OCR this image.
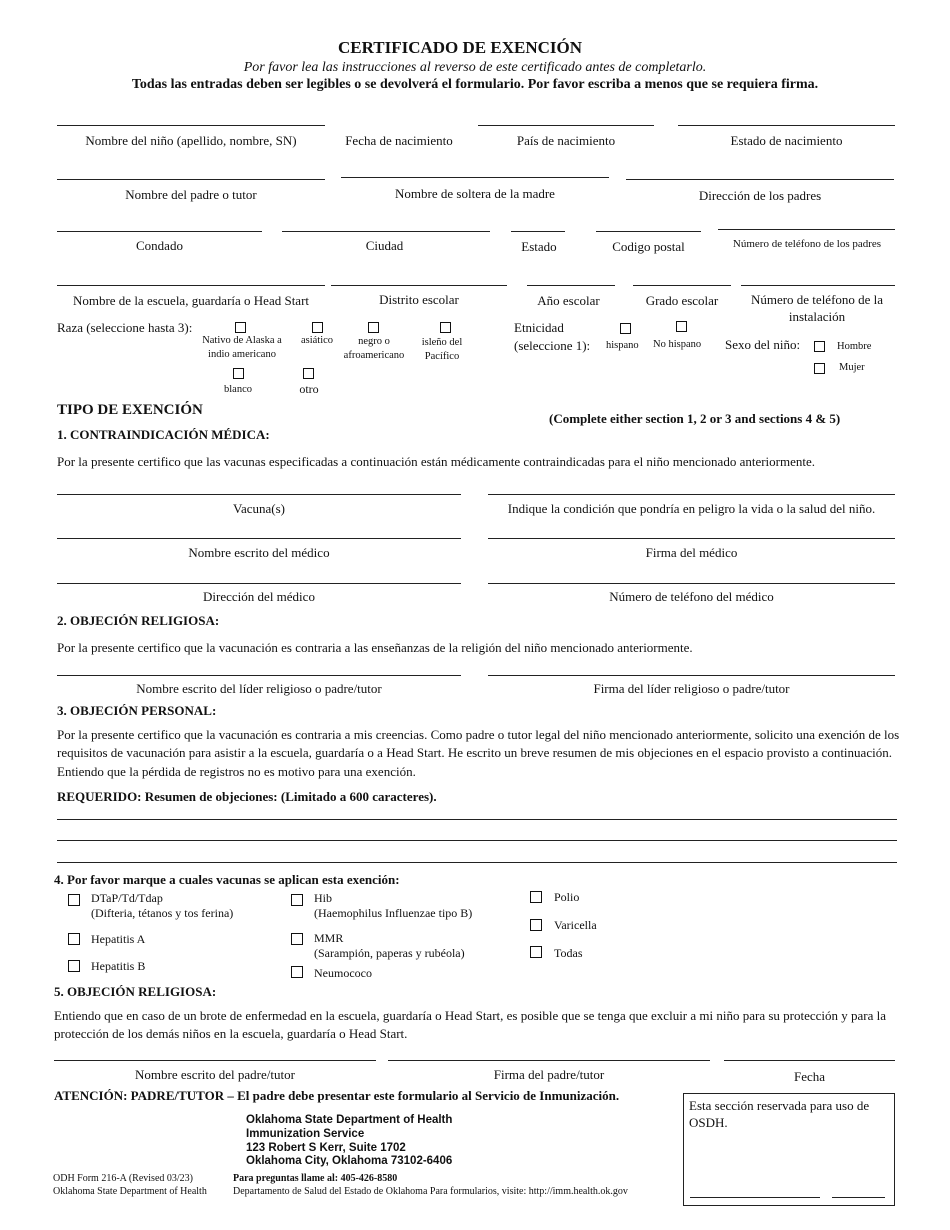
CERTIFICADO DE EXENCIÓN
Por favor lea las instrucciones al reverso de este certificado antes de completarlo.
Todas las entradas deben ser legibles o se devolverá el formulario. Por favor escriba a menos que se requiera firma.
Nombre del niño (apellido, nombre, SN)	Fecha de nacimiento	País de nacimiento	Estado de nacimiento
Nombre del padre o tutor	Nombre de soltera de la madre	Dirección de los padres
Condado	Ciudad	Estado	Codigo postal	Número de teléfono de los padres
Nombre de la escuela, guardaría o Head Start	Distrito escolar	Año escolar	Grado escolar	Número de teléfono de la instalación
Raza (seleccione hasta 3):
Nativo de Alaska a indio americano
asiático	negro o afroamericano
isleño del Pacífico
blanco	otro
Etnicidad
(seleccione 1): hispano No hispano Sexo del niño:	Hombre
Mujer
TIPO DE EXENCIÓN
(Complete either section 1, 2 or 3 and sections 4 & 5)
1. CONTRAINDICACIÓN MÉDICA:
Por la presente certifico que las vacunas especificadas a continuación están médicamente contraindicadas para el niño mencionado anteriormente.
Vacuna(s)	Indique la condición que pondría en peligro la vida o la salud del niño.
Nombre escrito del médico	Firma del médico
Dirección del médico	Número de teléfono del médico
2. OBJECIÓN RELIGIOSA:
Por la presente certifico que la vacunación es contraria a las enseñanzas de la religión del niño mencionado anteriormente.
Nombre escrito del líder religioso o padre/tutor	Firma del líder religioso o padre/tutor
3. OBJECIÓN PERSONAL:
Por la presente certifico que la vacunación es contraria a mis creencias. Como padre o tutor legal del niño mencionado anteriormente, solicito una exención de los requisitos de vacunación para asistir a la escuela, guardaría o a Head Start. He escrito un breve resumen de mis objeciones en el espacio provisto a continuación. Entiendo que la pérdida de registros no es motivo para una exención.
REQUERIDO: Resumen de objeciones: (Limitado a 600 caracteres).
4. Por favor marque a cuales vacunas se aplican esta exención:
DTaP/Td/Tdap
(Difteria, tétanos y tos ferina)
Hepatitis A
Hepatitis B
Hib
(Haemophilus Influenzae tipo B)
MMR
(Sarampión, paperas y rubéola)
Neumococo
Polio
Varicella
Todas
5. OBJECIÓN RELIGIOSA:
Entiendo que en caso de un brote de enfermedad en la escuela, guardaría o Head Start, es posible que se tenga que excluir a mi niño para su protección y para la protección de los demás niños en la escuela, guardaría o Head Start.
Nombre escrito del padre/tutor	Firma del padre/tutor	Fecha
ATENCIÓN: PADRE/TUTOR – El padre debe presentar este formulario al Servicio de Inmunización.
Oklahoma State Department of Health
Immunization Service
123 Robert S Kerr, Suite 1702
Oklahoma City, Oklahoma 73102-6406
ODH Form 216-A (Revised 03/23)
Oklahoma State Department of Health
Para preguntas llame al: 405-426-8580
Departamento de Salud del Estado de Oklahoma Para formularios, visite: http://imm.health.ok.gov
Esta sección reservada para uso de OSDH.
